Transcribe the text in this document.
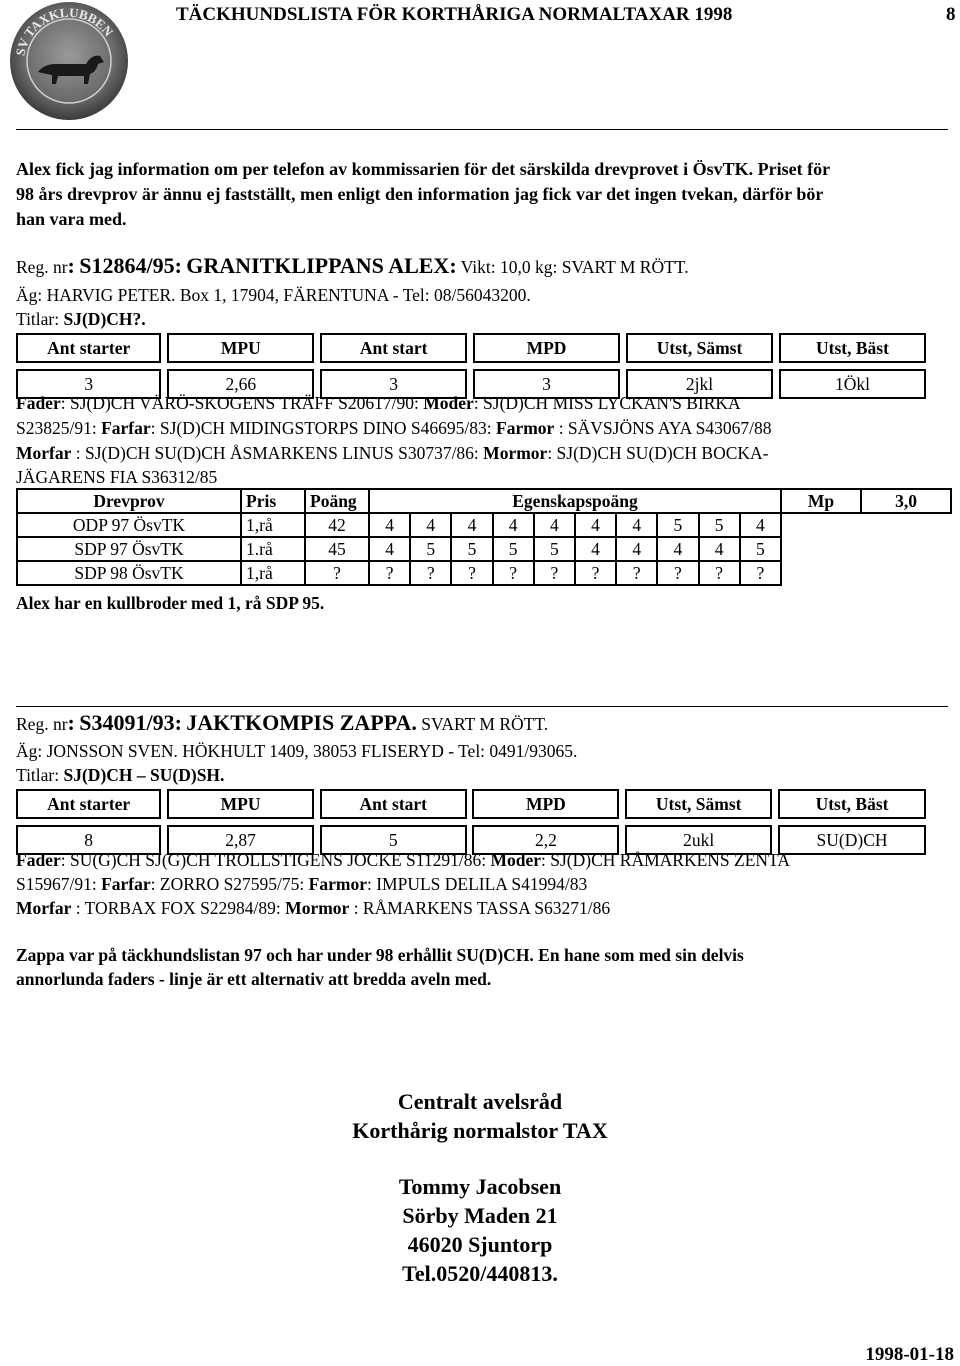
SV TAXKLUBBEN
TÄCKHUNDSLISTA FÖR KORTHÅRIGA NORMALTAXAR 1998	8
Alex fick jag information om per telefon av kommissarien för det särskilda drevprovet i ÖsvTK. Priset för
98 års drevprov är ännu ej fastställt, men enligt den information jag fick var det ingen tvekan, därför bör
han vara med.
Reg. nr: S12864/95: GRANITKLIPPANS ALEX: Vikt: 10,0 kg: SVART M RÖTT.
Äg: HARVIG PETER. Box 1, 17904, FÄRENTUNA - Tel: 08/56043200.
Titlar: SJ(D)CH?.
Ant starter		MPU		Ant start		MPD		Utst, Sämst		Utst, Bäst

3		2,66		3		3		2jkl		1Ökl
Fader: SJ(D)CH VÄRÖ-SKOGENS TRÄFF S20617/90: Moder: SJ(D)CH MISS LYCKAN'S BIRKA
S23825/91: Farfar: SJ(D)CH MIDINGSTORPS DINO S46695/83: Farmor : SÄVSJÖNS AYA S43067/88
Morfar : SJ(D)CH SU(D)CH ÅSMARKENS LINUS S30737/86: Mormor: SJ(D)CH SU(D)CH BOCKA-
JÄGARENS FIA S36312/85
Drevprov	Pris	Poäng	Egenskapspoäng										Mp	3,0
ODP 97 ÖsvTK	1,rå	42	4	4	4	4	4	4	4	5	5	4		
SDP 97 ÖsvTK	1.rå	45	4	5	5	5	5	4	4	4	4	5		
SDP 98 ÖsvTK	1,rå	?	?	?	?	?	?	?	?	?	?	?		
Alex har en kullbroder med 1, rå SDP 95.
Reg. nr: S34091/93: JAKTKOMPIS ZAPPA. SVART M RÖTT.
Äg: JONSSON SVEN. HÖKHULT 1409, 38053 FLISERYD - Tel: 0491/93065.
Titlar: SJ(D)CH – SU(D)SH.
Ant starter		MPU		Ant start		MPD		Utst, Sämst		Utst, Bäst

8		2,87		5		2,2		2ukl		SU(D)CH
Fader: SU(G)CH SJ(G)CH TROLLSTIGENS JOCKE S11291/86: Moder: SJ(D)CH RÅMARKENS ZENTA
S15967/91: Farfar: ZORRO S27595/75: Farmor: IMPULS DELILA S41994/83
Morfar : TORBAX FOX S22984/89: Mormor : RÅMARKENS TASSA S63271/86
Zappa var på täckhundslistan 97 och har under 98 erhållit SU(D)CH. En hane som med sin delvis
annorlunda faders - linje är ett alternativ att bredda aveln med.
Centralt avelsråd
Korthårig normalstor TAX
Tommy Jacobsen
Sörby Maden 21
46020 Sjuntorp
Tel.0520/440813.
1998-01-18
